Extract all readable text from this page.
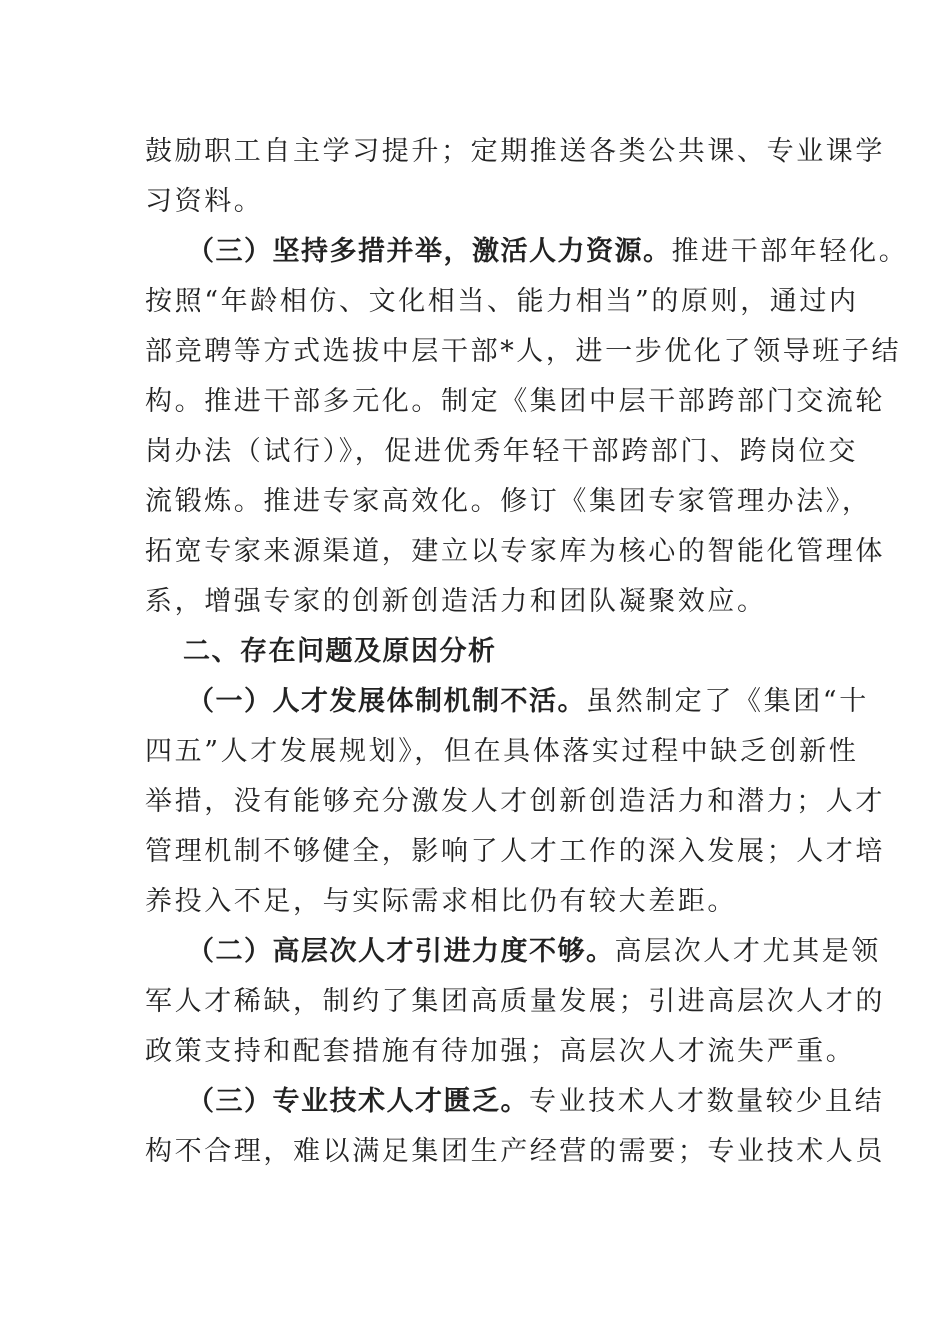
鼓励职工自主学习提升；定期推送各类公共课、专业课学
习资料。
（三）坚持多措并举，激活人力资源。推进干部年轻化。
按照“年龄相仿、文化相当、能力相当”的原则，通过内
部竞聘等方式选拔中层干部*人，进一步优化了领导班子结
构。推进干部多元化。制定《集团中层干部跨部门交流轮
岗办法（试行）》，促进优秀年轻干部跨部门、跨岗位交
流锻炼。推进专家高效化。修订《集团专家管理办法》，
拓宽专家来源渠道，建立以专家库为核心的智能化管理体
系，增强专家的创新创造活力和团队凝聚效应。
二、存在问题及原因分析
（一）人才发展体制机制不活。虽然制定了《集团“十
四五”人才发展规划》，但在具体落实过程中缺乏创新性
举措，没有能够充分激发人才创新创造活力和潜力；人才
管理机制不够健全，影响了人才工作的深入发展；人才培
养投入不足，与实际需求相比仍有较大差距。
（二）高层次人才引进力度不够。高层次人才尤其是领
军人才稀缺，制约了集团高质量发展；引进高层次人才的
政策支持和配套措施有待加强；高层次人才流失严重。
（三）专业技术人才匮乏。专业技术人才数量较少且结
构不合理，难以满足集团生产经营的需要；专业技术人员
